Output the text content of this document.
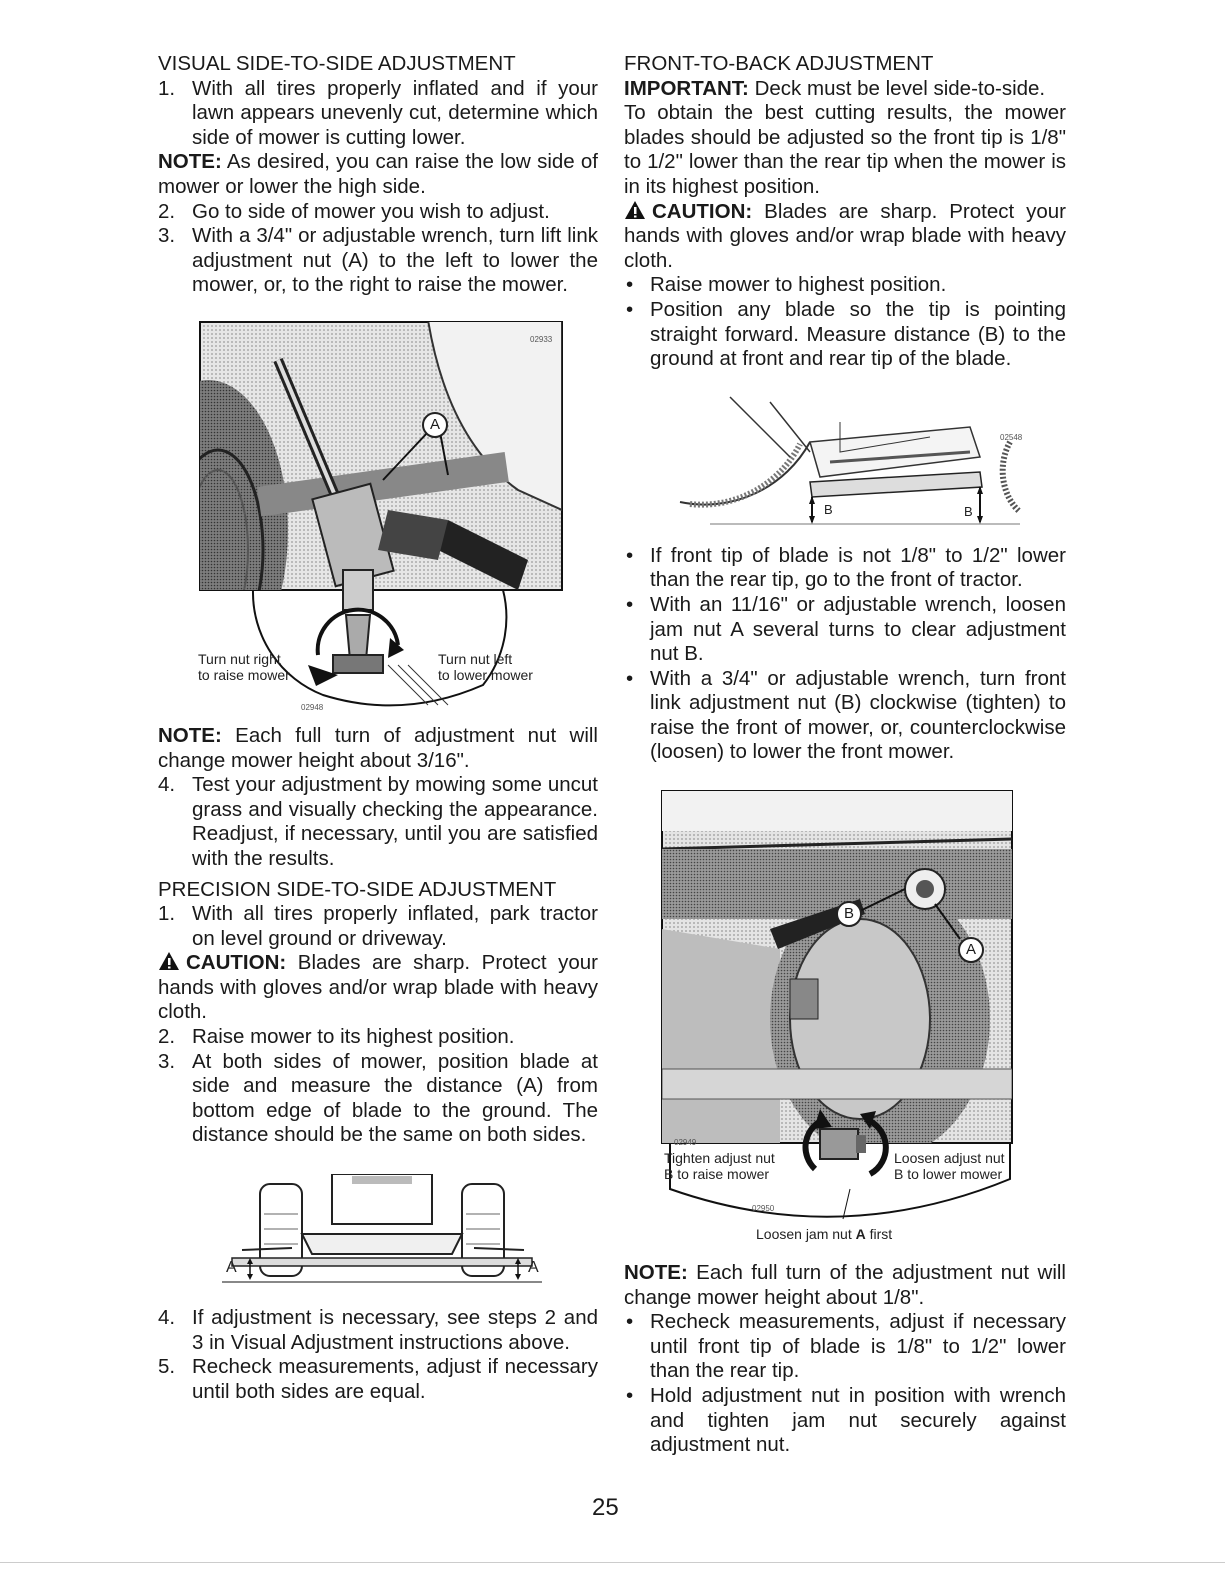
VISUAL SIDE-TO-SIDE ADJUSTMENT
1. With all tires properly inflated and if your lawn appears unevenly cut, determine which side of mower is cutting lower.
NOTE: As desired, you can raise the low side of mower or lower the high side.
2. Go to side of mower you wish to adjust.
3. With a 3/4" or adjustable wrench, turn lift link adjustment nut (A) to the left to lower the mower, or, to the right to raise the mower.
02933
A
Turn nut right
to raise mower
Turn nut left
to lower mower
02948
NOTE: Each full turn of adjustment nut will change mower height about 3/16".
4. Test your adjustment by mowing some uncut grass and visually checking the appearance. Readjust, if necessary, until you are satisfied with the results.
PRECISION SIDE-TO-SIDE ADJUSTMENT
1. With all tires properly inflated, park tractor on level ground or driveway.
CAUTION: Blades are sharp. Protect your hands with gloves and/or wrap blade with heavy cloth.
2. Raise mower to its highest position.
3. At both sides of mower, position blade at side and measure the distance (A) from bottom edge of blade to the ground. The distance should be the same on both sides.
A	A
4. If adjustment is necessary, see steps 2 and 3 in Visual Adjustment instructions above.
5. Recheck measurements, adjust if necessary until both sides are equal.
FRONT-TO-BACK ADJUSTMENT
IMPORTANT: Deck must be level side-to-side.
To obtain the best cutting results, the mower blades should be adjusted so the front tip is 1/8" to 1/2" lower than the rear tip when the mower is in its highest position.
CAUTION: Blades are sharp. Protect your hands with gloves and/or wrap blade with heavy cloth.
• Raise mower to highest position.
• Position any blade so the tip is pointing straight forward. Measure distance (B) to the ground at front and rear tip of the blade.
02548
B	B
• If front tip of blade is not 1/8" to 1/2" lower than the rear tip, go to the front of tractor.
• With an 11/16" or adjustable wrench, loosen jam nut A several turns to clear adjustment nut B.
• With a 3/4" or adjustable wrench, turn front link adjustment nut (B) clockwise (tighten) to raise the front of mower, or, counterclockwise (loosen) to lower the front mower.
B
A
02949
Tighten adjust nut
B to raise mower
Loosen adjust nut
B to lower mower
02950
Loosen jam nut A first
NOTE: Each full turn of the adjustment nut will change mower height about 1/8".
• Recheck measurements, adjust if necessary until front tip of blade is 1/8" to 1/2" lower than the rear tip.
• Hold adjustment nut in position with wrench and tighten jam nut securely against adjustment nut.
25
